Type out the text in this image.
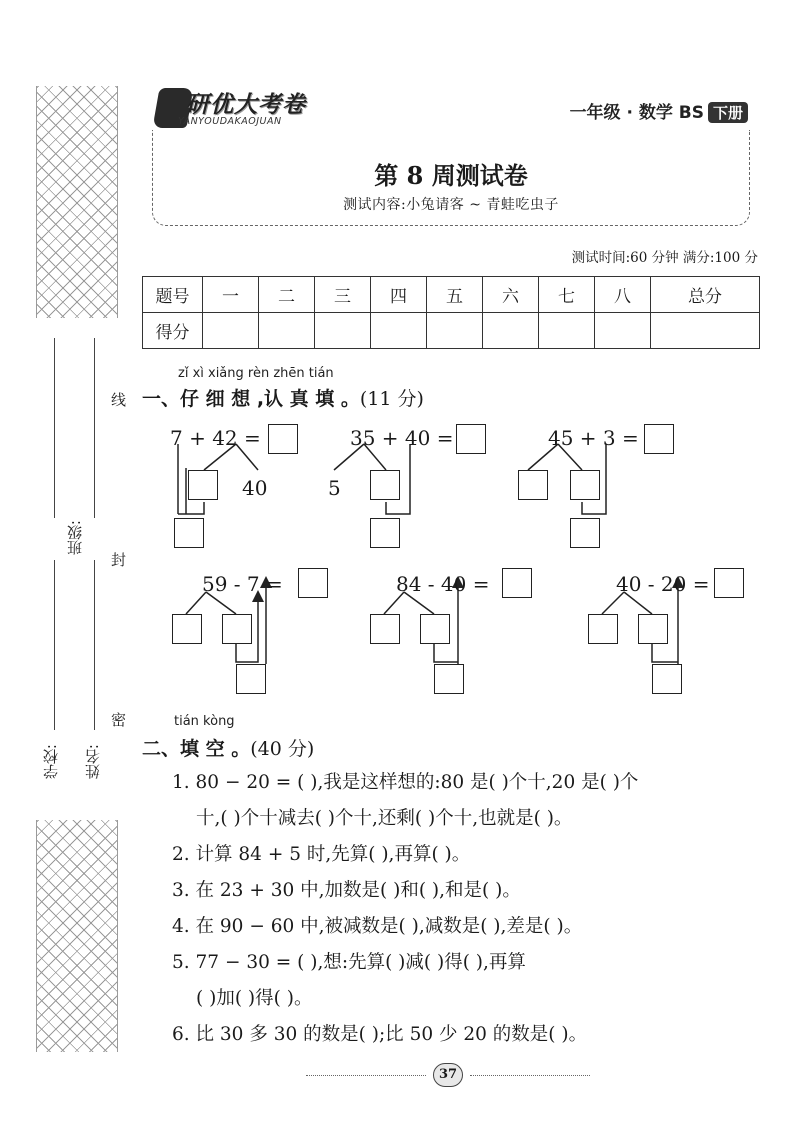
班级:
学校: 姓名:
线
封
密
研优大考卷
YANYOUDAKAOJUAN	一年级 · 数学 BS 下册
第 8 周测试卷
测试内容:小兔请客 ~ 青蛙吃虫子
测试时间:60 分钟 满分:100 分
题号	一	二	三	四	五	六	七	八	总分
得分									
zǐ xì xiǎng rèn zhēn tián
一、仔 细 想 ,认 真 填 。(11 分)
7 + 42 =
40
35 + 40 =
5
45 + 3 =
59 - 7 =	84 - 40 =	40 - 20 =
tián kòng
二、填 空 。(40 分)
1. 80 − 20 = ( ),我是这样想的:80 是( )个十,20 是( )个
十,( )个十减去( )个十,还剩( )个十,也就是( )。
2. 计算 84 + 5 时,先算( ),再算( )。
3. 在 23 + 30 中,加数是( )和( ),和是( )。
4. 在 90 − 60 中,被减数是( ),减数是( ),差是( )。
5. 77 − 30 = ( ),想:先算( )减( )得( ),再算
( )加( )得( )。
6. 比 30 多 30 的数是( );比 50 少 20 的数是( )。
37
